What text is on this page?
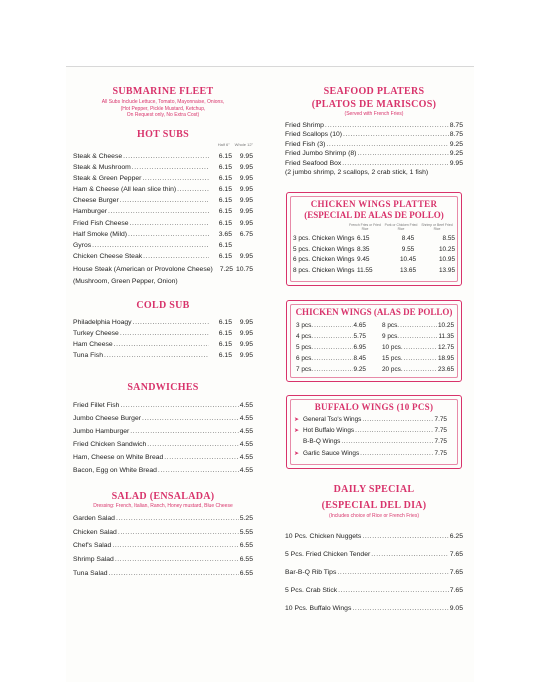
SUBMARINE FLEET
All Subs Include Lettuce, Tomato, Mayonnaise, Onions,
(Hot Pepper, Pickle Mustard, Ketchup,
On Request only, No Extra Cost)
HOT SUBS
Half 6" Whole 12"
Steak & Cheese .....	6.15	9.95
Steak & Mushroom .....	6.15	9.95
Steak & Green Pepper .....	6.15	9.95
Ham & Cheese (All lean slice thin) .....	6.15	9.95
Cheese Burger .....	6.15	9.95
Hamburger .....	6.15	9.95
Fried Fish Cheese .....	6.15	9.95
Half Smoke (Mild) .....	3.65	6.75
Gyros .....	6.15
Chicken Cheese Steak .....	6.15	9.95
House Steak (American or Provolone Cheese) 7.25 10.75
(Mushroom, Green Pepper, Onion)
COLD SUB
Philadelphia Hoagy .....	6.15	9.95
Turkey Cheese .....	6.15	9.95
Ham Cheese .....	6.15	9.95
Tuna Fish .....	6.15	9.95
SANDWICHES
Fried Fillet Fish .....	4.55
Jumbo Cheese Burger .....	4.55
Jumbo Hamburger .....	4.55
Fried Chicken Sandwich .....	4.55
Ham, Cheese on White Bread .....	4.55
Bacon, Egg on White Bread .....	4.55
SALAD (ENSALADA)
Dressing: French, Italian, Ranch, Honey mustard, Blue Cheese
Garden Salad .....	5.25
Chicken Salad .....	5.55
Chef's Salad .....	6.55
Shrimp Salad .....	6.55
Tuna Salad .....	6.55
SEAFOOD PLATERS
(PLATOS DE MARISCOS)
(Served with French Fries)
Fried Shrimp .....	8.75
Fried Scallops (10) .....	8.75
Fried Fish (3) .....	9.25
Fried Jumbo Shrimp (8) .....	9.25
Fried Seafood Box .....	9.95
(2 jumbo shrimp, 2 scallops, 2 crab stick, 1 fish)
CHICKEN WINGS PLATTER
(ESPECIAL DE ALAS DE POLLO)
French Fries or Fried Rice
Pork or Chicken Fried Rice
Shrimp or Beef Fried Rice
3 pcs. Chicken Wings 6.15	8.45	8.55
5 pcs. Chicken Wings 8.35	9.55	10.25
6 pcs. Chicken Wings 9.45	10.45	10.95
8 pcs. Chicken Wings 11.55	13.65	13.95
CHICKEN WINGS (ALAS DE POLLO)
3 pcs. .....	4.65
4 pcs. .....	5.75
5 pcs. .....	6.95
6 pcs. .....	8.45
7 pcs. .....	9.25
8 pcs. .....	10.25
9 pcs. .....	11.35
10 pcs. .....	12.75
15 pcs. .....	18.95
20 pcs. .....	23.65
BUFFALO WINGS (10 PCS)
➤ General Tso's Wings .....	7.75
➤ Hot Buffalo Wings .....	7.75
B-B-Q Wings .....	7.75
➤ Garlic Sauce Wings .....	7.75
DAILY SPECIAL
(ESPECIAL DEL DIA)
(Includes choice of Rice or French Fries)
10 Pcs. Chicken Nuggets .....	6.25
5 Pcs. Fried Chicken Tender .....	7.65
Bar-B-Q Rib Tips .....	7.65
5 Pcs. Crab Stick .....	7.65
10 Pcs. Buffalo Wings .....	9.05
